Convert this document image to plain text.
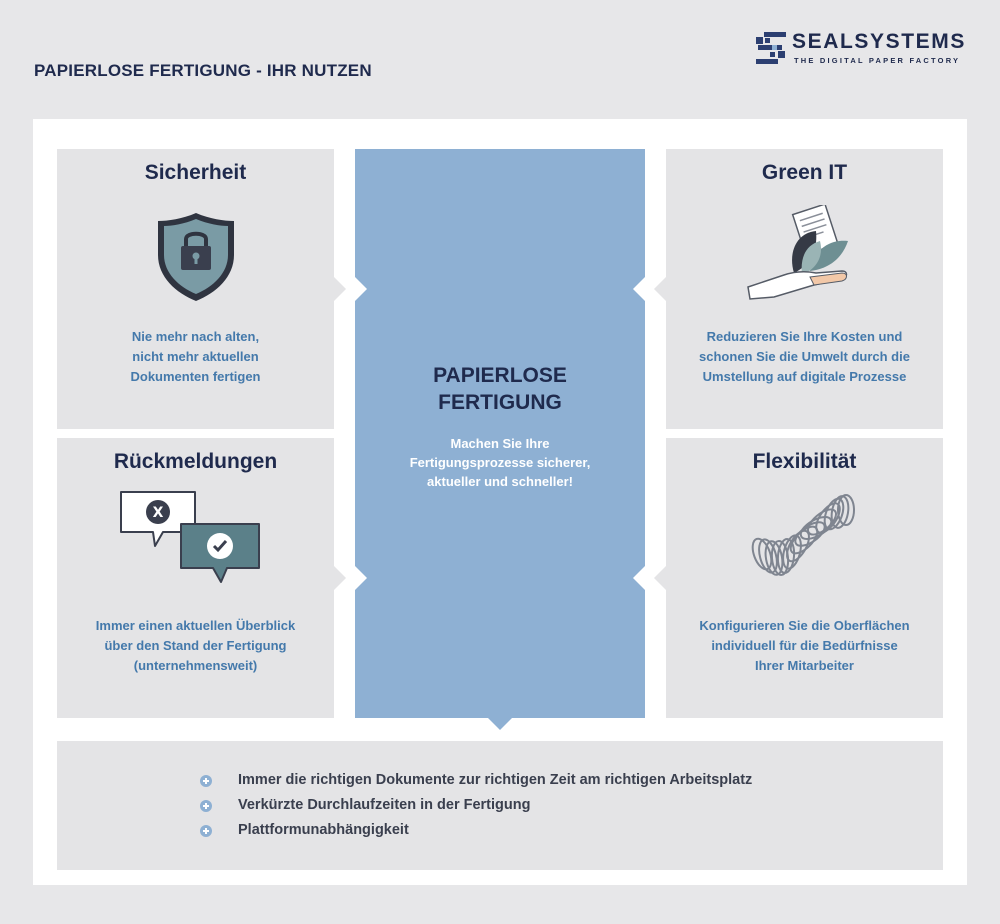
PAPIERLOSE FERTIGUNG - IHR NUTZEN
SEALSYSTEMS
THE DIGITAL PAPER FACTORY
Sicherheit
Nie mehr nach alten,
nicht mehr aktuellen
Dokumenten fertigen
Green IT
Reduzieren Sie Ihre Kosten und
schonen Sie die Umwelt durch die
Umstellung auf digitale Prozesse
Rückmeldungen
X
Immer einen aktuellen Überblick
über den Stand der Fertigung
(unternehmensweit)
Flexibilität
Konfigurieren Sie die Oberflächen
individuell für die Bedürfnisse
Ihrer Mitarbeiter
PAPIERLOSE
FERTIGUNG
Machen Sie Ihre
Fertigungsprozesse sicherer,
aktueller und schneller!
Immer die richtigen Dokumente zur richtigen Zeit am richtigen Arbeitsplatz
Verkürzte Durchlaufzeiten in der Fertigung
Plattformunabhängigkeit
